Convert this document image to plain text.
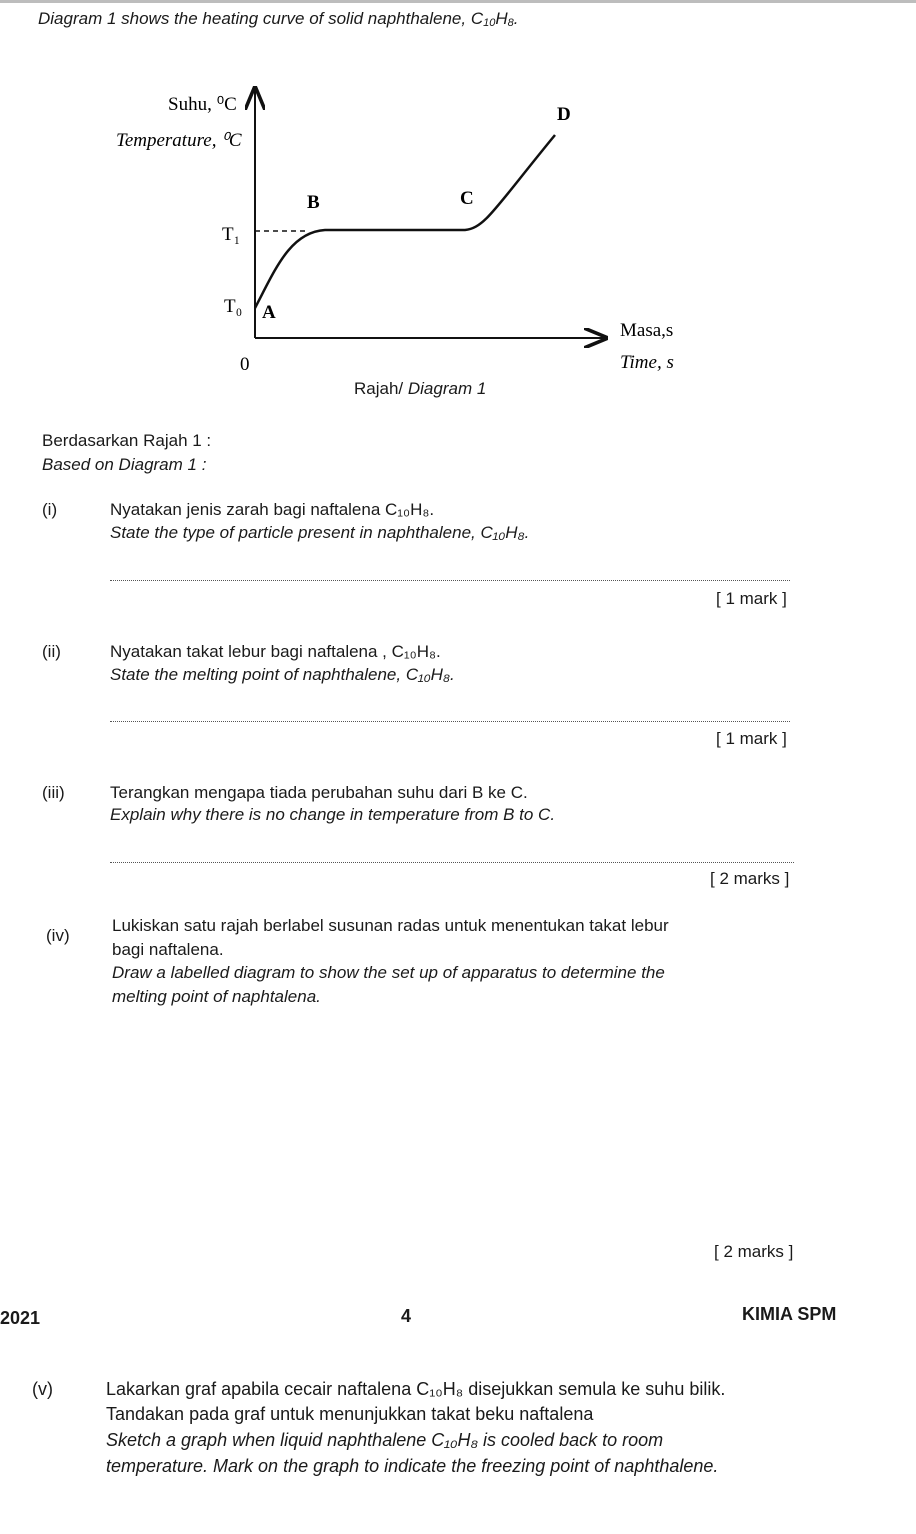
Diagram 1 shows the heating curve of solid naphthalene, $C_{10}H_8$.
Suhu, ⁰C
Temperature, ⁰C
T₁
T₀
0
A
B	C
D
Masa,s
Time, s
Rajah/ Diagram 1
Berdasarkan Rajah 1 :
Based on Diagram 1 :
(i)	Nyatakan jenis zarah bagi naftalena C₁₀H₈.
State the type of particle present in naphthalene, C₁₀H₈.
[ 1 mark ]
(ii)	Nyatakan takat lebur bagi naftalena , C₁₀H₈.
State the melting point of naphthalene, C₁₀H₈.
[ 1 mark ]
(iii)	Terangkan mengapa tiada perubahan suhu dari B ke C.
Explain why there is no change in temperature from B to C.
[ 2 marks ]
(iv)
Lukiskan satu rajah berlabel susunan radas untuk menentukan takat lebur
bagi naftalena.
Draw a labelled diagram to show the set up of apparatus to determine the
melting point of naphtalena.
[ 2 marks ]
2021	4	KIMIA SPM
(v)	Lakarkan graf apabila cecair naftalena C₁₀H₈ disejukkan semula ke suhu bilik.
Tandakan pada graf untuk menunjukkan takat beku naftalena
Sketch a graph when liquid naphthalene C₁₀H₈ is cooled back to room
temperature. Mark on the graph to indicate the freezing point of naphthalene.
